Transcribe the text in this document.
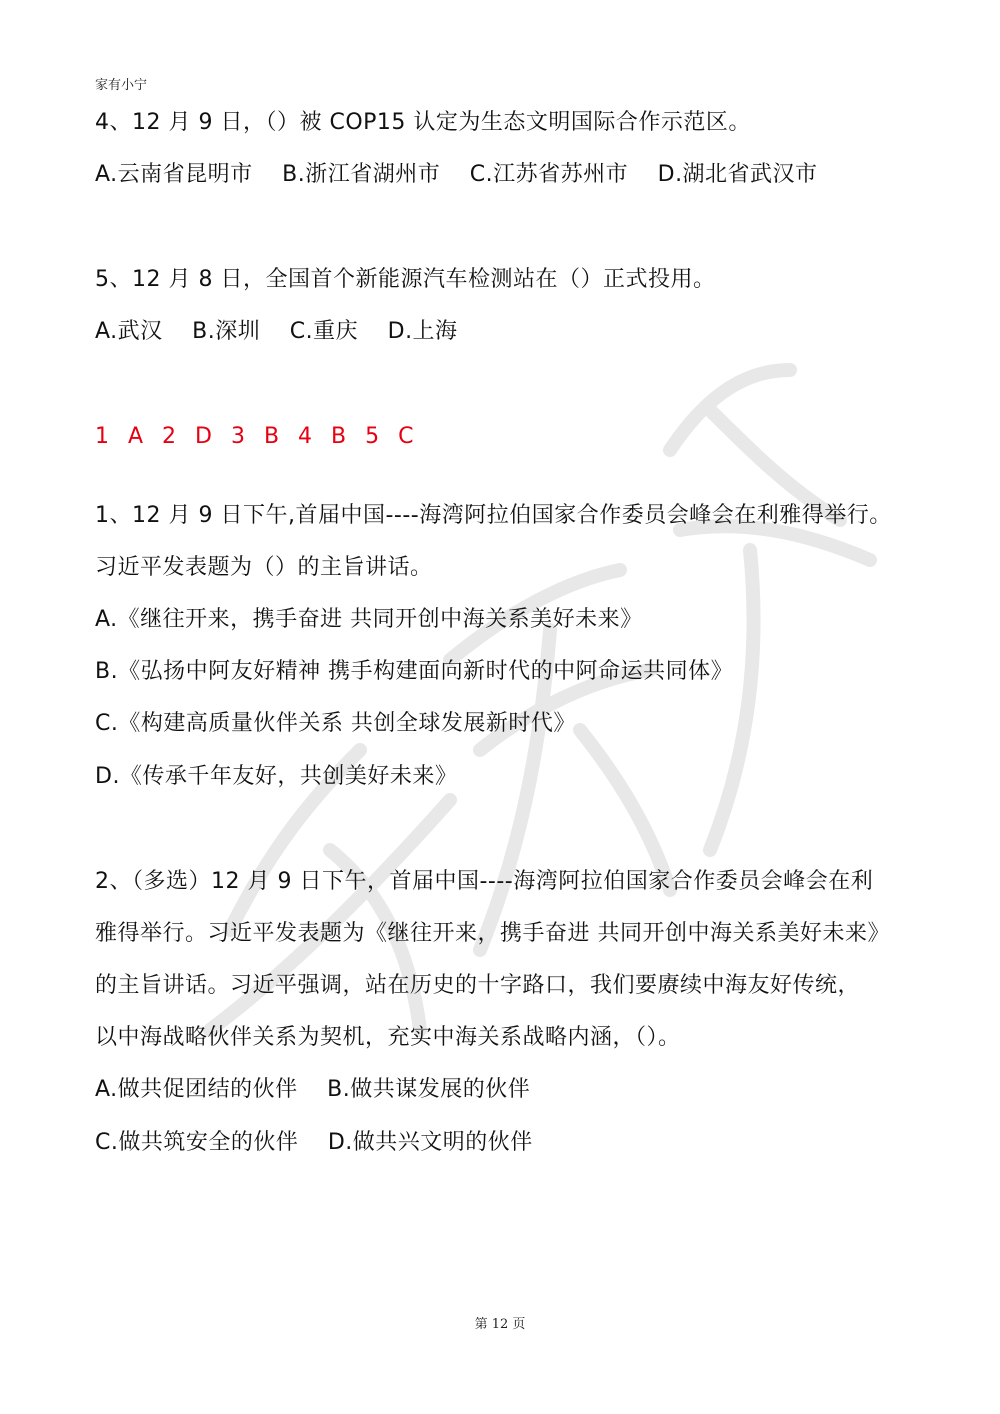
家有小宁
4、12 月 9 日，（）被 COP15 认定为生态文明国际合作示范区。
A.云南省昆明市 B.浙江省湖州市 C.江苏省苏州市 D.湖北省武汉市
5、12 月 8 日，全国首个新能源汽车检测站在（）正式投用。
A.武汉 B.深圳 C.重庆 D.上海
1 A 2 D 3 B 4 B 5 C
1、12 月 9 日下午,首届中国----海湾阿拉伯国家合作委员会峰会在利雅得举行。
习近平发表题为（）的主旨讲话。
A.《继往开来，携手奋进 共同开创中海关系美好未来》
B.《弘扬中阿友好精神 携手构建面向新时代的中阿命运共同体》
C.《构建高质量伙伴关系 共创全球发展新时代》
D.《传承千年友好，共创美好未来》
2、（多选）12 月 9 日下午，首届中国----海湾阿拉伯国家合作委员会峰会在利
雅得举行。习近平发表题为《继往开来，携手奋进 共同开创中海关系美好未来》
的主旨讲话。习近平强调，站在历史的十字路口，我们要赓续中海友好传统，
以中海战略伙伴关系为契机，充实中海关系战略内涵，（）。
A.做共促团结的伙伴 B.做共谋发展的伙伴
C.做共筑安全的伙伴 D.做共兴文明的伙伴
第 12 页
